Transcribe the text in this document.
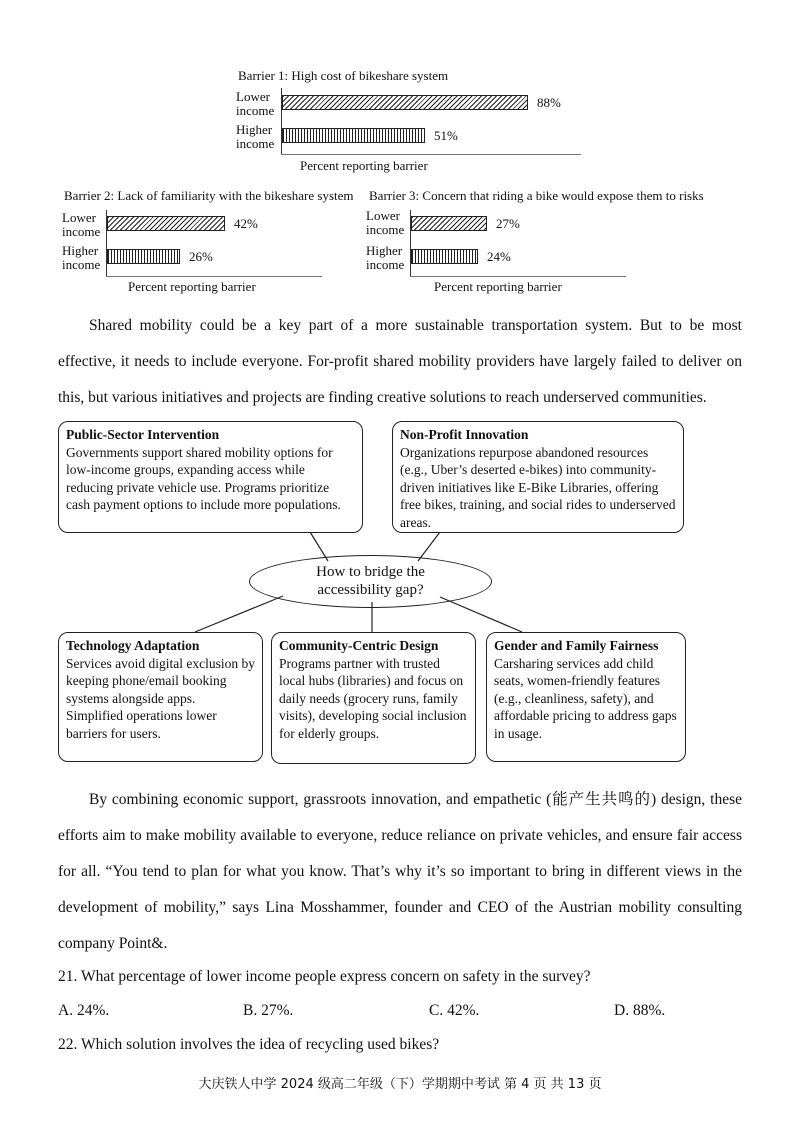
Barrier 1: High cost of bikeshare system
Lower
income
Higher
income
88%
51%
Percent reporting barrier
Barrier 2: Lack of familiarity with the bikeshare system
Lower
income
Higher
income
42%
26%
Percent reporting barrier
Barrier 3: Concern that riding a bike would expose them to risks
Lower
income
Higher
income
27%
24%
Percent reporting barrier
Shared mobility could be a key part of a more sustainable transportation system. But to be most effective, it needs to include everyone. For-profit shared mobility providers have largely failed to deliver on this, but various initiatives and projects are finding creative solutions to reach underserved communities.
Public-Sector Intervention
Governments support shared mobility options for low-income groups, expanding access while reducing private vehicle use. Programs prioritize cash payment options to include more populations.
Non-Profit Innovation
Organizations repurpose abandoned resources (e.g., Uber’s deserted e-bikes) into community-driven initiatives like E-Bike Libraries, offering free bikes, training, and social rides to underserved areas.
How to bridge the
accessibility gap?
Technology Adaptation
Services avoid digital exclusion by keeping phone/email booking systems alongside apps. Simplified operations lower barriers for users.
Community-Centric Design
Programs partner with trusted local hubs (libraries) and focus on daily needs (grocery runs, family visits), developing social inclusion for elderly groups.
Gender and Family Fairness
Carsharing services add child seats, women-friendly features (e.g., cleanliness, safety), and affordable pricing to address gaps in usage.
By combining economic support, grassroots innovation, and empathetic (能产生共鸣的) design, these efforts aim to make mobility available to everyone, reduce reliance on private vehicles, and ensure fair access for all. “You tend to plan for what you know. That’s why it’s so important to bring in different views in the development of mobility,” says Lina Mosshammer, founder and CEO of the Austrian mobility consulting company Point&.
21. What percentage of lower income people express concern on safety in the survey?
A. 24%.	B. 27%.	C. 42%.	D. 88%.
22. Which solution involves the idea of recycling used bikes?
大庆铁人中学 2024 级高二年级（下）学期期中考试 第 4 页 共 13 页
